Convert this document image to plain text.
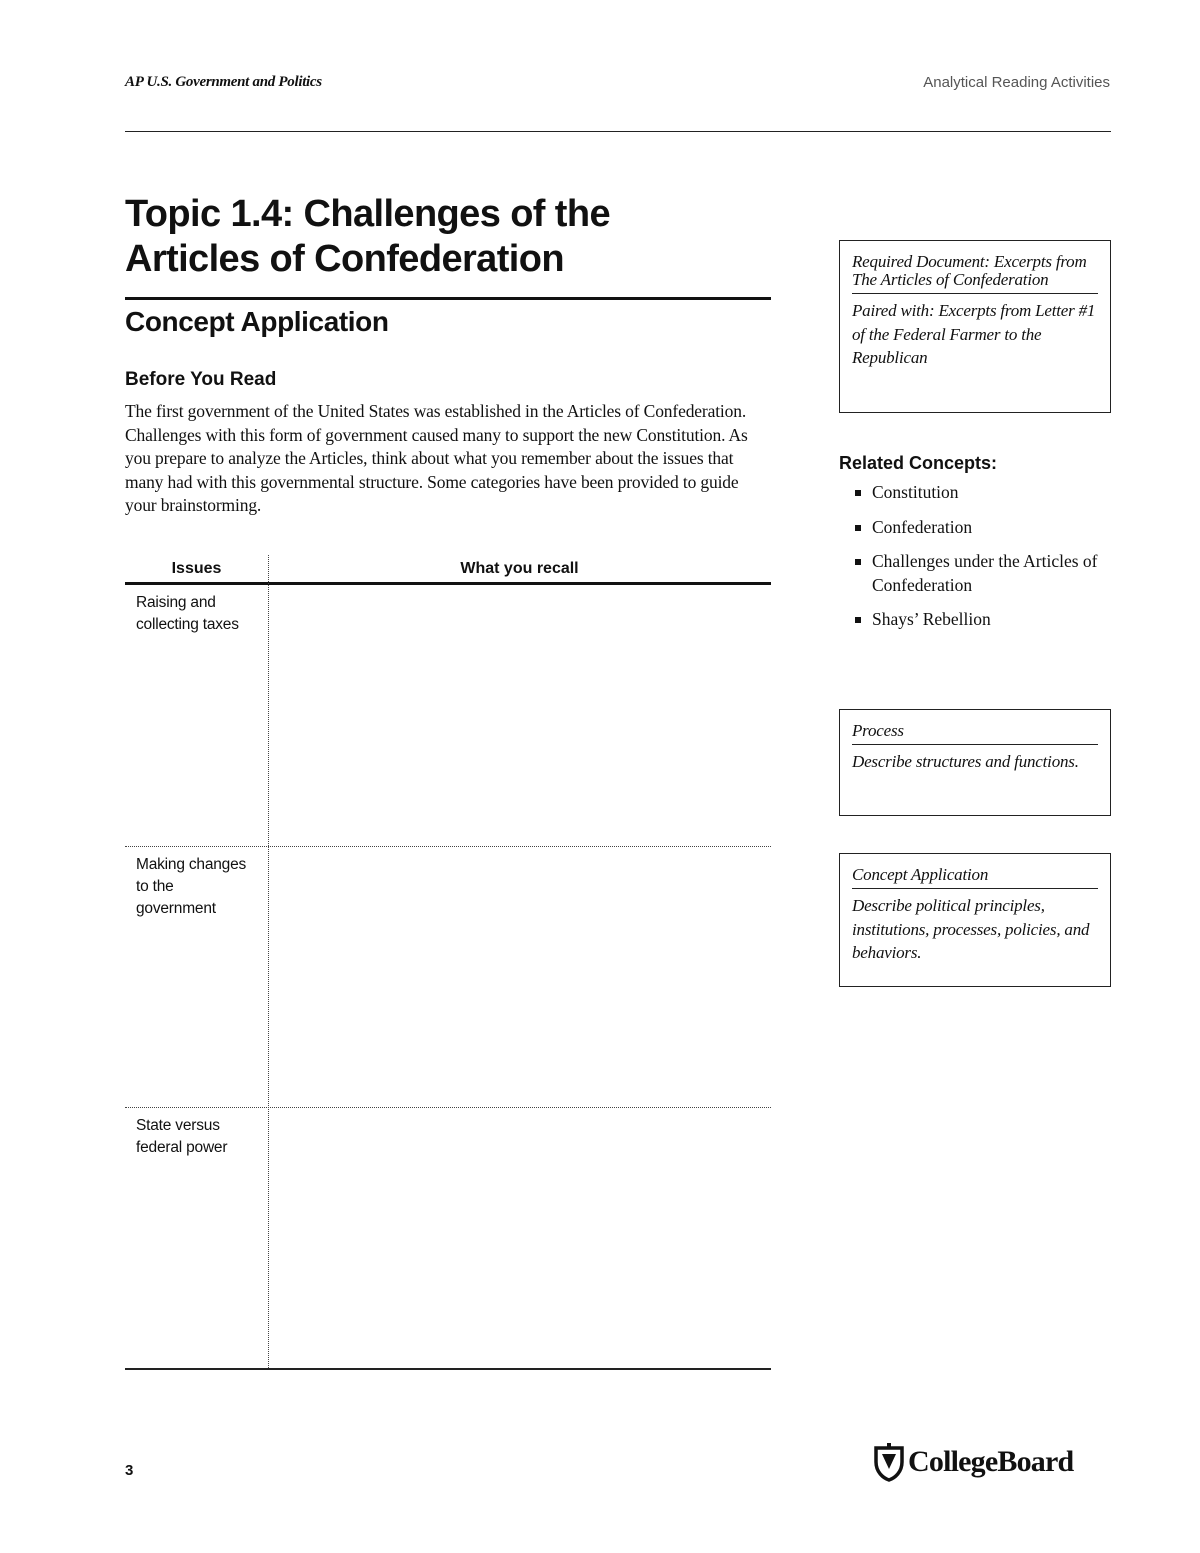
AP U.S. Government and Politics	Analytical Reading Activities
Topic 1.4: Challenges of the
Articles of Confederation
Concept Application
Before You Read

The first government of the United States was established in the Articles of Confederation. Challenges with this form of government caused many to support the new Constitution. As you prepare to analyze the Articles, think about what you remember about the issues that many had with this governmental structure. Some categories have been provided to guide your brainstorming.

Issues	What you recall
Raising and collecting taxes
Making changes to the government
State versus federal power
Required Document: Excerpts from The Articles of Confederation
Paired with: Excerpts from Letter #1 of the Federal Farmer to the Republican
Related Concepts:
Constitution
Confederation
Challenges under the Articles of Confederation
Shays’ Rebellion
Process
Describe structures and functions.
Concept Application
Describe political principles, institutions, processes, policies, and behaviors.
3	CollegeBoard
